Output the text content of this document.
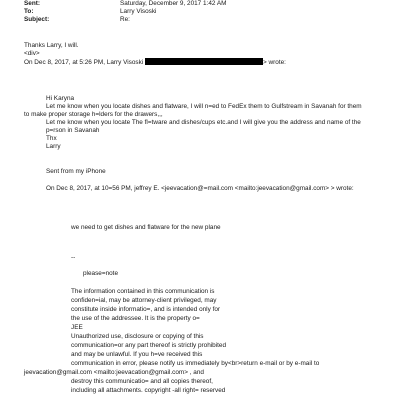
Sent:	Saturday, December 9, 2017 1:42 AM
To:	Larry Visoski
Subject:	Re:
Thanks Larry, I will.
<div>
On Dec 8, 2017, at 5:26 PM, Larry Visoski	> wrote:
Hi Karyna
Let me know when you locate dishes and flatware, I will n=ed to FedEx them to Gulfstream in Savanah for them
to make proper storage h=lders for the drawers,,,
Let me know when you locate The fl=tware and dishes/cups etc.and I will give you the address and name of the
p=rson in Savanah
Thx
Larry
Sent from my iPhone
On Dec 8, 2017, at 10=56 PM, jeffrey E. <jeevacation@=mail.com <mailto:jeevacation@gmail.com> > wrote:
we need to get dishes and flatware for the new plane
--
please=note
The information contained in this communication is
confiden=ial, may be attorney-client privileged, may
constitute inside informatio=, and is intended only for
the use of the addressee. It is the property o=
JEE
Unauthorized use, disclosure or copying of this
communication=or any part thereof is strictly prohibited
and may be unlawful. If you h=ve received this
communication in error, please notify us immediately by<br>return e-mail or by e-mail to
jeevacation@gmail.com <mailto:jeevacation@gmail.com> , and
destroy this communicatio= and all copies thereof,
including all attachments. copyright -all right= reserved
